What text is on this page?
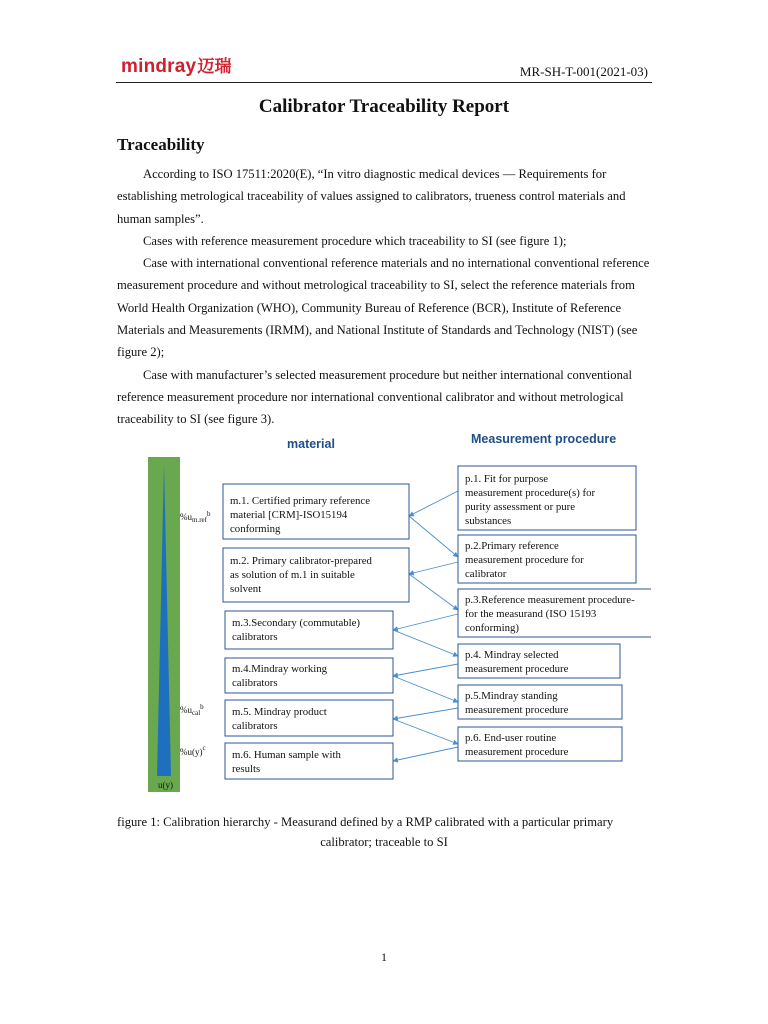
mindray迈瑞	MR-SH-T-001(2021-03)
Calibrator Traceability Report
Traceability

According to ISO 17511:2020(E), “In vitro diagnostic medical devices — Requirements for establishing metrological traceability of values assigned to calibrators, trueness control materials and human samples”.

Cases with reference measurement procedure which traceability to SI (see figure 1);

Case with international conventional reference materials and no international conventional reference measurement procedure and without metrological traceability to SI, select the reference materials from World Health Organization (WHO), Community Bureau of Reference (BCR), Institute of Reference Materials and Measurements (IRMM), and National Institute of Standards and Technology (NIST) (see figure 2);

Case with manufacturer’s selected measurement procedure but neither international conventional reference measurement procedure nor international conventional calibrator and without metrological traceability to SI (see figure 3).

material	Measurement procedure
u(y)
$\%u_{m.ref}^b$
$\%u_{cal}^b$
$\%u(y)^c$
m.1. Certified primary reference material [CRM]-ISO15194 conforming
m.2. Primary calibrator-prepared as solution of m.1 in suitable solvent
m.3.Secondary (commutable) calibrators
m.4.Mindray working calibrators
m.5. Mindray product calibrators
m.6. Human sample with results
p.1. Fit for purpose measurement procedure(s) for purity assessment or pure substances
p.2.Primary reference measurement procedure for calibrator
p.3.Reference measurement procedure-for the measurand (ISO 15193 conforming)
p.4. Mindray selected measurement procedure
p.5.Mindray standing measurement procedure
p.6. End-user routine measurement procedure
figure 1: Calibration hierarchy - Measurand defined by a RMP calibrated with a particular primary
calibrator; traceable to SI
1
